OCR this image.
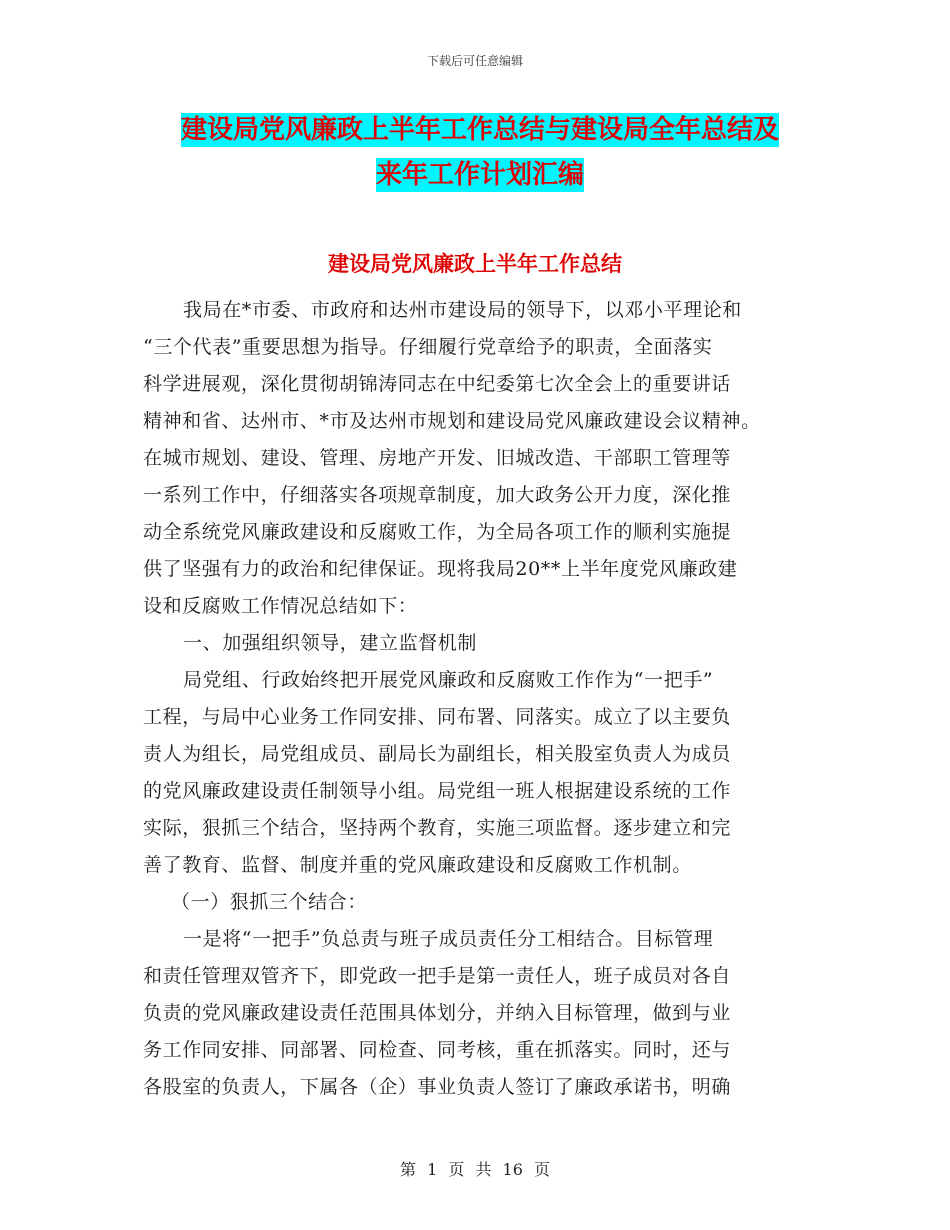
下载后可任意编辑
建设局党风廉政上半年工作总结与建设局全年总结及
来年工作计划汇编
建设局党风廉政上半年工作总结
我局在*市委、市政府和达州市建设局的领导下，以邓小平理论和
“三个代表”重要思想为指导。仔细履行党章给予的职责，全面落实
科学进展观，深化贯彻胡锦涛同志在中纪委第七次全会上的重要讲话
精神和省、达州市、*市及达州市规划和建设局党风廉政建设会议精神。
在城市规划、建设、管理、房地产开发、旧城改造、干部职工管理等
一系列工作中，仔细落实各项规章制度，加大政务公开力度，深化推
动全系统党风廉政建设和反腐败工作，为全局各项工作的顺利实施提
供了坚强有力的政治和纪律保证。现将我局20**上半年度党风廉政建
设和反腐败工作情况总结如下：
一、加强组织领导，建立监督机制
局党组、行政始终把开展党风廉政和反腐败工作作为“一把手”
工程，与局中心业务工作同安排、同布署、同落实。成立了以主要负
责人为组长，局党组成员、副局长为副组长，相关股室负责人为成员
的党风廉政建设责任制领导小组。局党组一班人根据建设系统的工作
实际，狠抓三个结合，坚持两个教育，实施三项监督。逐步建立和完
善了教育、监督、制度并重的党风廉政建设和反腐败工作机制。
（一）狠抓三个结合：
一是将“一把手”负总责与班子成员责任分工相结合。目标管理
和责任管理双管齐下，即党政一把手是第一责任人，班子成员对各自
负责的党风廉政建设责任范围具体划分，并纳入目标管理，做到与业
务工作同安排、同部署、同检查、同考核，重在抓落实。同时，还与
各股室的负责人，下属各（企）事业负责人签订了廉政承诺书，明确
第 1 页 共 16 页
